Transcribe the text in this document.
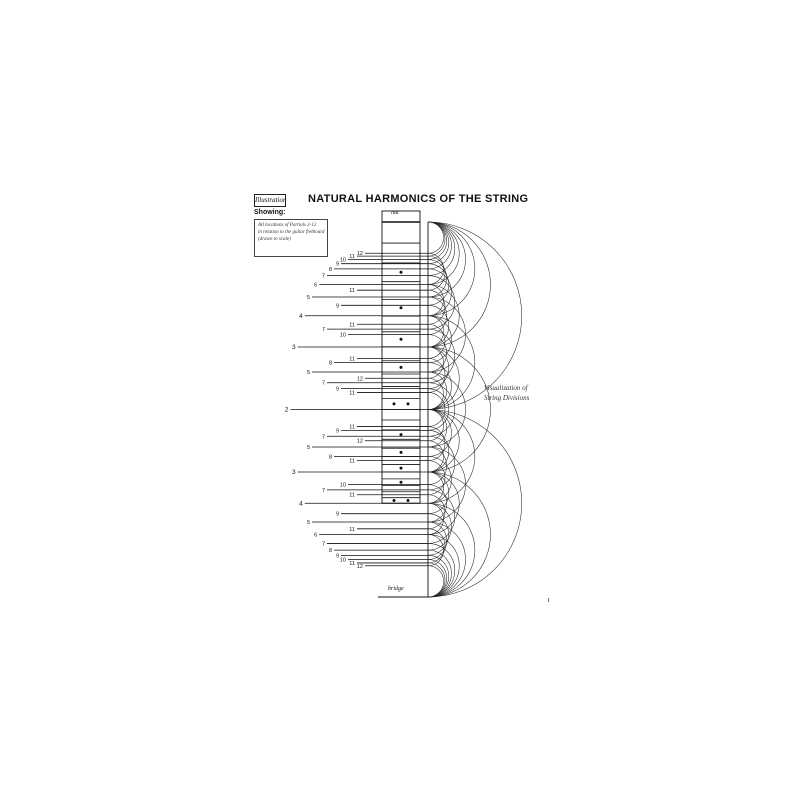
Illustration NATURAL HARMONICS OF THE STRING
Showing:
All locations of Partials 2-12
in relation to the guitar fretboard
(drawn to scale)
12
11
10
9
8
7
6
11
5
9
4
11
7
10
3
11
8
5
12
7
9
11
2
11
9
7
12
5
8
11
3
10
7
11
4
9
5
11
6
7
8
9
10
11 12
nut
bridge
Visualization of
String Divisions
1
